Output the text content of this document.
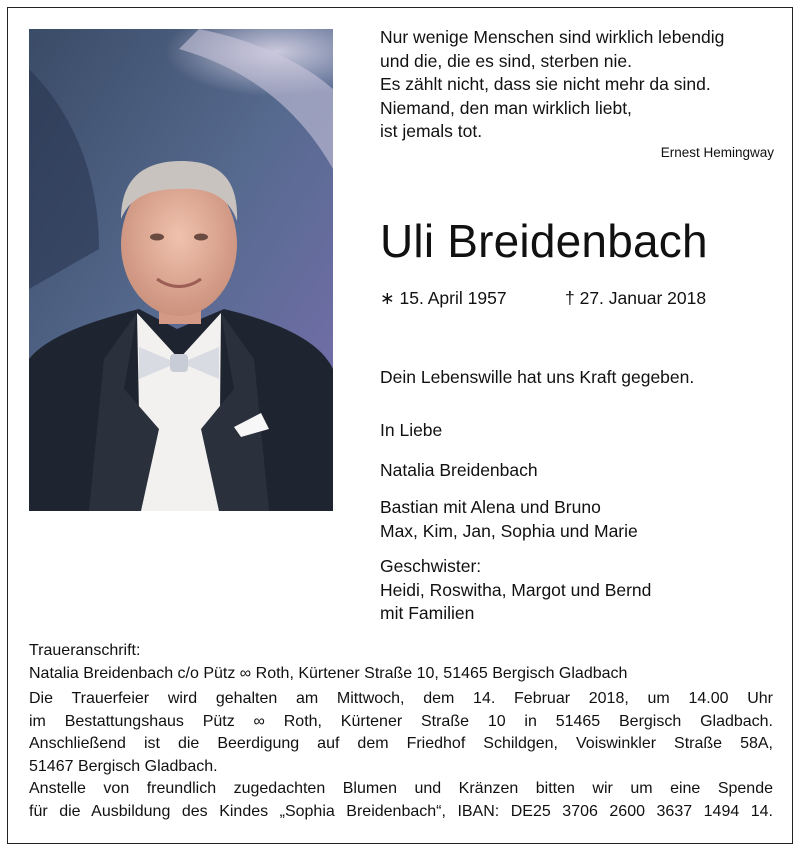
Nur wenige Menschen sind wirklich lebendig
und die, die es sind, sterben nie.
Es zählt nicht, dass sie nicht mehr da sind.
Niemand, den man wirklich liebt,
ist jemals tot.
Ernest Hemingway
Uli Breidenbach
∗ 15. April 1957	† 27. Januar 2018
Dein Lebenswille hat uns Kraft gegeben.
In Liebe
Natalia Breidenbach
Bastian mit Alena und Bruno
Max, Kim, Jan, Sophia und Marie
Geschwister:
Heidi, Roswitha, Margot und Bernd
mit Familien
Traueranschrift:
Natalia Breidenbach c/o Pütz ∞ Roth, Kürtener Straße 10, 51465 Bergisch Gladbach
Die Trauerfeier wird gehalten am Mittwoch, dem 14. Februar 2018, um 14.00 Uhr
im Bestattungshaus Pütz ∞ Roth, Kürtener Straße 10 in 51465 Bergisch Gladbach.
Anschließend ist die Beerdigung auf dem Friedhof Schildgen, Voiswinkler Straße 58A,
51467 Bergisch Gladbach.
Anstelle von freundlich zugedachten Blumen und Kränzen bitten wir um eine Spende
für die Ausbildung des Kindes „Sophia Breidenbach“, IBAN: DE25 3706 2600 3637 1494 14.
